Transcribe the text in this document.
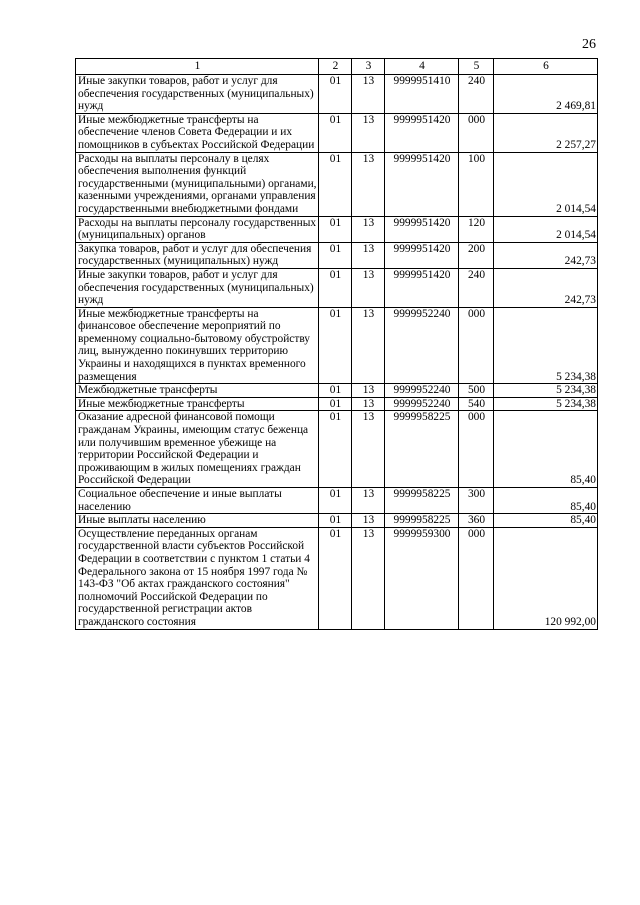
26
1	2	3	4	5	6
Иные закупки товаров, работ и услуг для обеспечения государственных (муниципальных) нужд	01	13	9999951410	240	2 469,81
Иные межбюджетные трансферты на обеспечение членов Совета Федерации и их помощников в субъектах Российской Федерации	01	13	9999951420	000	2 257,27
Расходы на выплаты персоналу в целях обеспечения выполнения функций государственными (муниципальными) органами, казенными учреждениями, органами управления государственными внебюджетными фондами	01	13	9999951420	100	2 014,54
Расходы на выплаты персоналу государственных (муниципальных) органов	01	13	9999951420	120	2 014,54
Закупка товаров, работ и услуг для обеспечения государственных (муниципальных) нужд	01	13	9999951420	200	242,73
Иные закупки товаров, работ и услуг для обеспечения государственных (муниципальных) нужд	01	13	9999951420	240	242,73
Иные межбюджетные трансферты на финансовое обеспечение мероприятий по временному социально-бытовому обустройству лиц, вынужденно покинувших территорию Украины и находящихся в пунктах временного размещения	01	13	9999952240	000	5 234,38
Межбюджетные трансферты	01	13	9999952240	500	5 234,38
Иные межбюджетные трансферты	01	13	9999952240	540	5 234,38
Оказание адресной финансовой помощи гражданам Украины, имеющим статус беженца или получившим временное убежище на территории Российской Федерации и проживающим в жилых помещениях граждан Российской Федерации	01	13	9999958225	000	85,40
Социальное обеспечение и иные выплаты населению	01	13	9999958225	300	85,40
Иные выплаты населению	01	13	9999958225	360	85,40
Осуществление переданных органам государственной власти субъектов Российской Федерации в соответствии с пунктом 1 статьи 4 Федерального закона от 15 ноября 1997 года № 143-ФЗ "Об актах гражданского состояния" полномочий Российской Федерации по государственной регистрации актов гражданского состояния	01	13	9999959300	000	120 992,00
